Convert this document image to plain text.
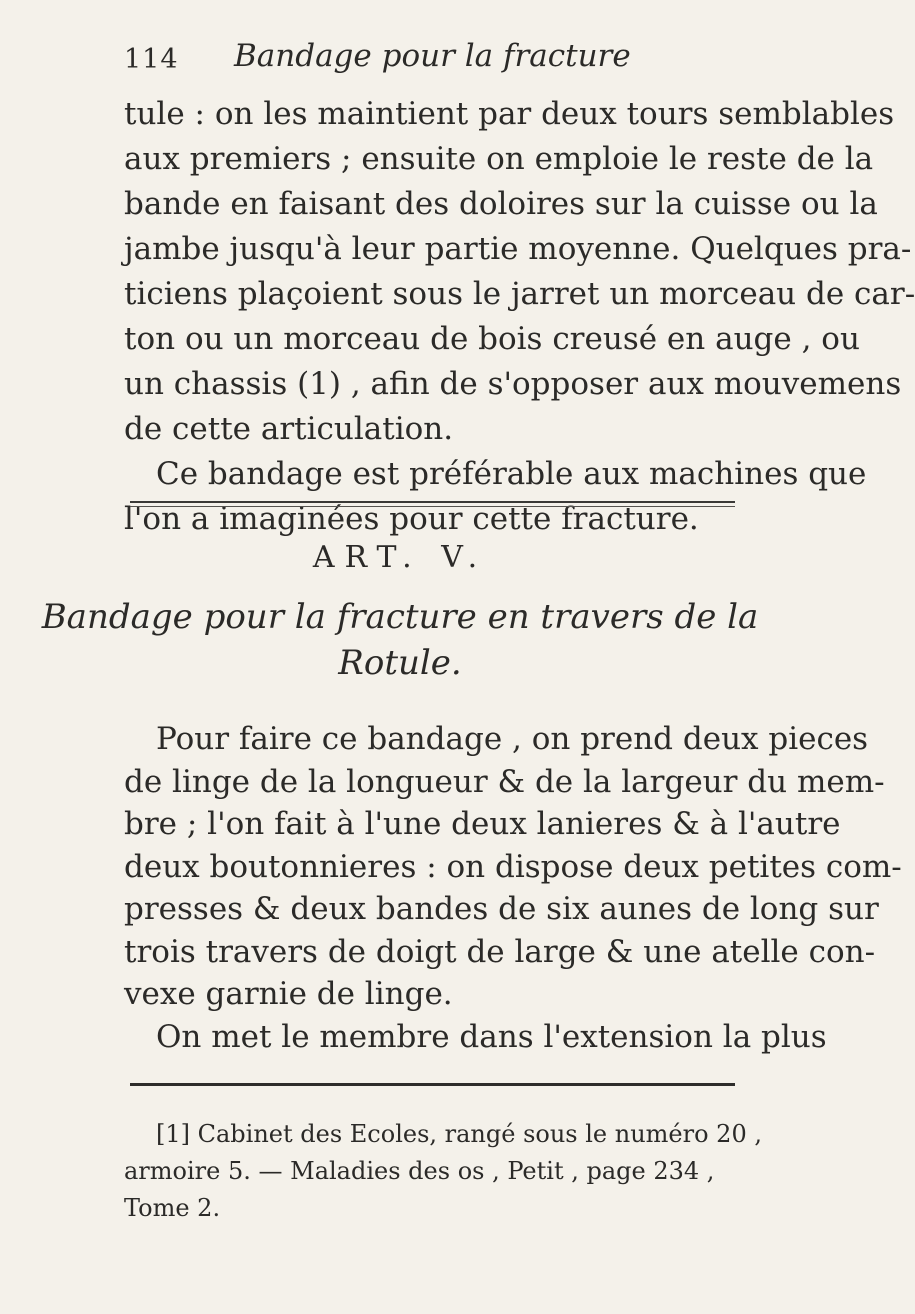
114 Bandage pour la fracture
tule : on les maintient par deux tours semblables
aux premiers ; ensuite on emploie le reste de la
bande en faisant des doloires sur la cuisse ou la
jambe jusqu'à leur partie moyenne. Quelques pra-
ticiens plaçoient sous le jarret un morceau de car-
ton ou un morceau de bois creusé en auge , ou
un chassis (1) , afin de s'opposer aux mouvemens
de cette articulation.
Ce bandage est préférable aux machines que
l'on a imaginées pour cette fracture.
ART. V.
Bandage pour la fracture en travers de la
Rotule.
Pour faire ce bandage , on prend deux pieces
de linge de la longueur & de la largeur du mem-
bre ; l'on fait à l'une deux lanieres & à l'autre
deux boutonnieres : on dispose deux petites com-
presses & deux bandes de six aunes de long sur
trois travers de doigt de large & une atelle con-
vexe garnie de linge.
On met le membre dans l'extension la plus
[1] Cabinet des Ecoles, rangé sous le numéro 20 ,
armoire 5. — Maladies des os , Petit , page 234 ,
Tome 2.
